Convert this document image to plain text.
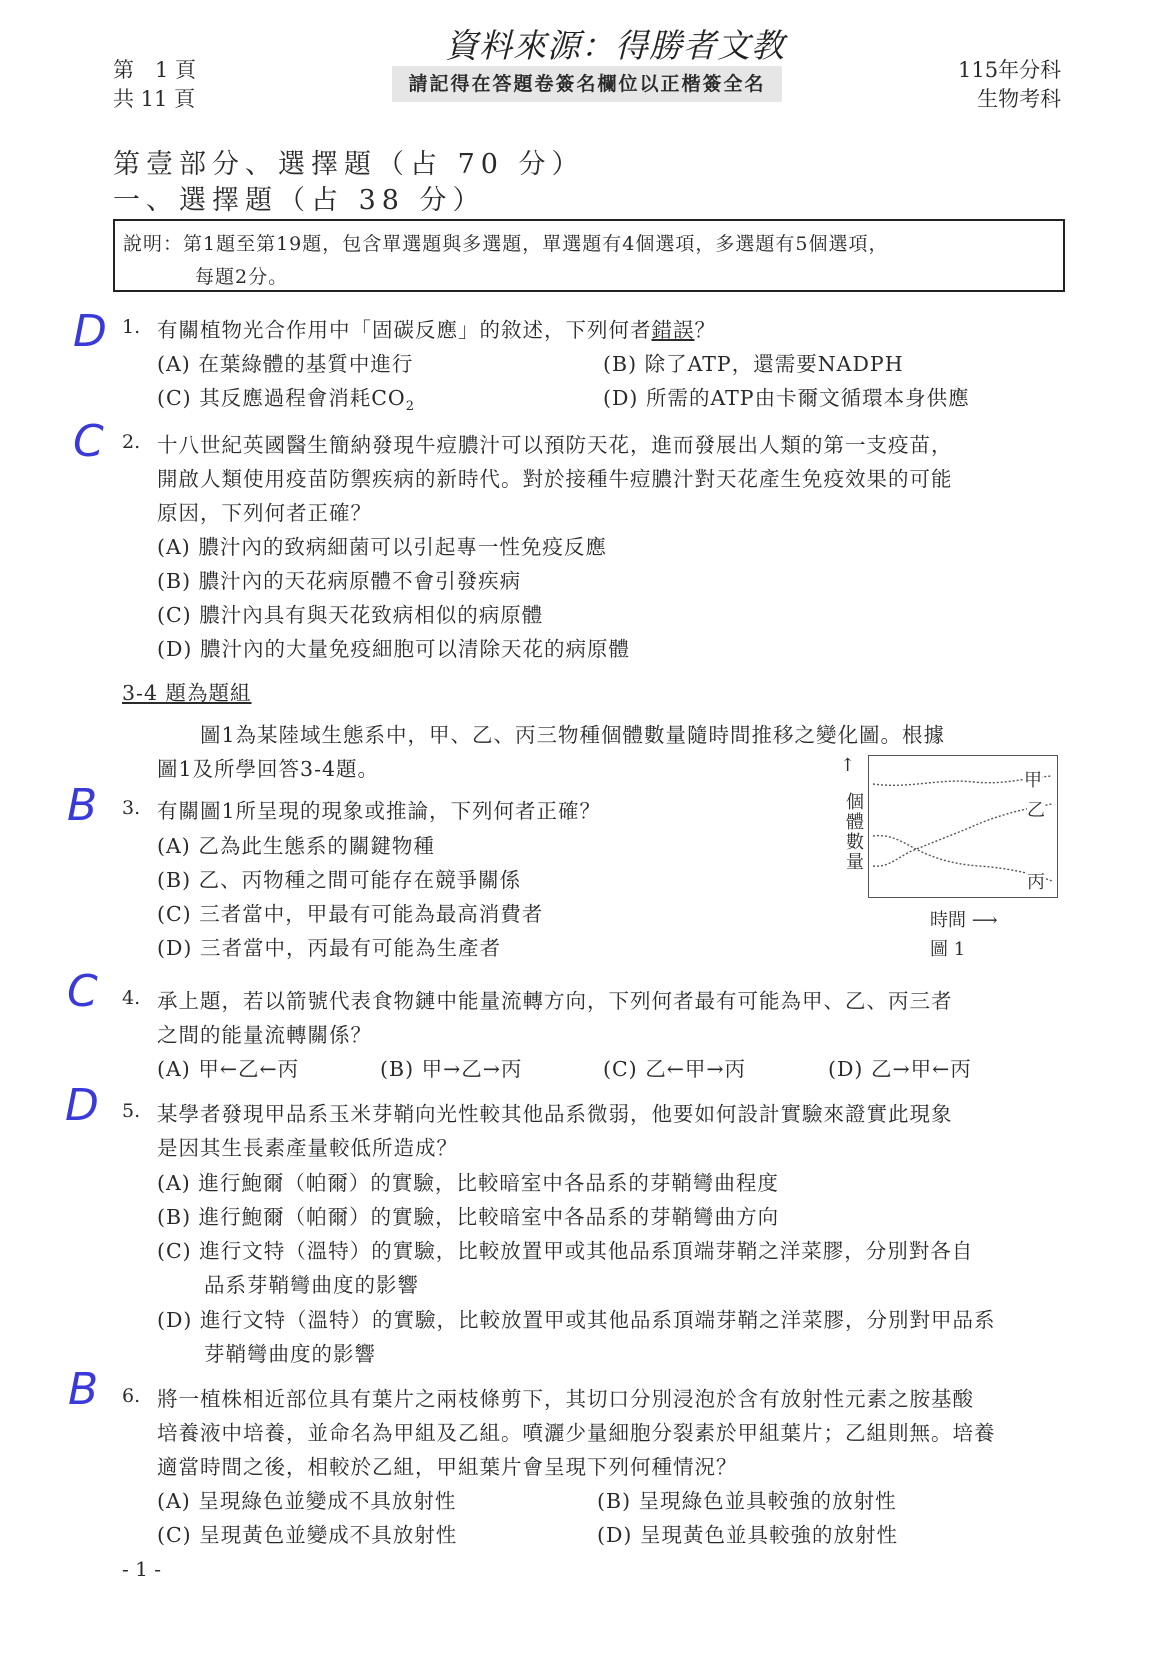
資料來源：得勝者文教
第　1 頁
共 11 頁
請記得在答題卷簽名欄位以正楷簽全名
115年分科
生物考科
第壹部分、選擇題（占 70 分）
一、選擇題（占 38 分）
說明：第1題至第19題，包含單選題與多選題，單選題有4個選項，多選題有5個選項，
每題2分。
D 1. 有關植物光合作用中「固碳反應」的敘述，下列何者錯誤？
(A) 在葉綠體的基質中進行	(B) 除了ATP，還需要NADPH
(C) 其反應過程會消耗$CO_2$	(D) 所需的ATP由卡爾文循環本身供應
C 2. 十八世紀英國醫生簡納發現牛痘膿汁可以預防天花，進而發展出人類的第一支疫苗，
開啟人類使用疫苗防禦疾病的新時代。對於接種牛痘膿汁對天花產生免疫效果的可能
原因，下列何者正確？
(A) 膿汁內的致病細菌可以引起專一性免疫反應
(B) 膿汁內的天花病原體不會引發疾病
(C) 膿汁內具有與天花致病相似的病原體
(D) 膿汁內的大量免疫細胞可以清除天花的病原體
3-4 題為題組
圖1為某陸域生態系中，甲、乙、丙三物種個體數量隨時間推移之變化圖。根據
圖1及所學回答3-4題。
B 3. 有關圖1所呈現的現象或推論，下列何者正確？
(A) 乙為此生態系的關鍵物種
(B) 乙、丙物種之間可能存在競爭關係
(C) 三者當中，甲最有可能為最高消費者
(D) 三者當中，丙最有可能為生產者
↑
個體數量
甲
乙
丙
時間 ⟶
圖 1
C 4. 承上題，若以箭號代表食物鏈中能量流轉方向，下列何者最有可能為甲、乙、丙三者
之間的能量流轉關係？
(A) 甲←乙←丙	(B) 甲→乙→丙	(C) 乙←甲→丙	(D) 乙→甲←丙
D 5. 某學者發現甲品系玉米芽鞘向光性較其他品系微弱，他要如何設計實驗來證實此現象
是因其生長素產量較低所造成？
(A) 進行鮑爾（帕爾）的實驗，比較暗室中各品系的芽鞘彎曲程度
(B) 進行鮑爾（帕爾）的實驗，比較暗室中各品系的芽鞘彎曲方向
(C) 進行文特（溫特）的實驗，比較放置甲或其他品系頂端芽鞘之洋菜膠，分別對各自
品系芽鞘彎曲度的影響
(D) 進行文特（溫特）的實驗，比較放置甲或其他品系頂端芽鞘之洋菜膠，分別對甲品系
芽鞘彎曲度的影響
B 6. 將一植株相近部位具有葉片之兩枝條剪下，其切口分別浸泡於含有放射性元素之胺基酸
培養液中培養，並命名為甲組及乙組。噴灑少量細胞分裂素於甲組葉片；乙組則無。培養
適當時間之後，相較於乙組，甲組葉片會呈現下列何種情況？
(A) 呈現綠色並變成不具放射性	(B) 呈現綠色並具較強的放射性
(C) 呈現黃色並變成不具放射性	(D) 呈現黃色並具較強的放射性
- 1 -
